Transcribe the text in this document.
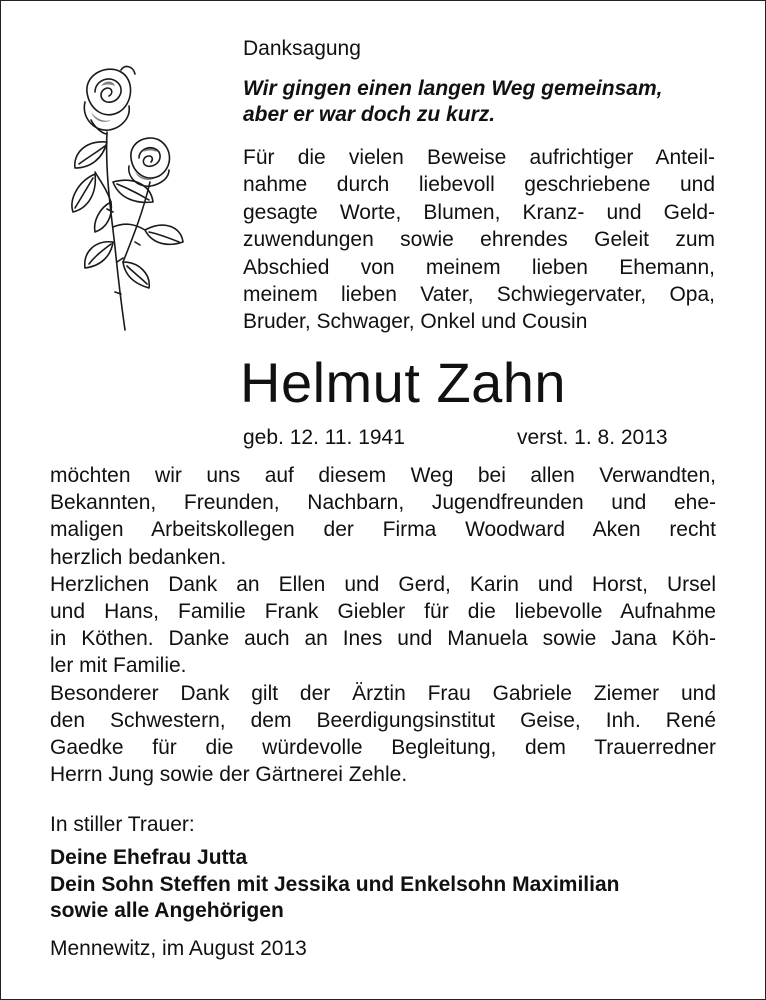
Danksagung
Wir gingen einen langen Weg gemeinsam,
aber er war doch zu kurz.
Für die vielen Beweise aufrichtiger Anteil-
nahme durch liebevoll geschriebene und
gesagte Worte, Blumen, Kranz- und Geld-
zuwendungen sowie ehrendes Geleit zum
Abschied von meinem lieben Ehemann,
meinem lieben Vater, Schwiegervater, Opa,
Bruder, Schwager, Onkel und Cousin
Helmut Zahn
geb. 12. 11. 1941	verst. 1. 8. 2013
möchten wir uns auf diesem Weg bei allen Verwandten,
Bekannten, Freunden, Nachbarn, Jugendfreunden und ehe-
maligen Arbeitskollegen der Firma Woodward Aken recht
herzlich bedanken.
Herzlichen Dank an Ellen und Gerd, Karin und Horst, Ursel
und Hans, Familie Frank Giebler für die liebevolle Aufnahme
in Köthen. Danke auch an Ines und Manuela sowie Jana Köh-
ler mit Familie.
Besonderer Dank gilt der Ärztin Frau Gabriele Ziemer und
den Schwestern, dem Beerdigungsinstitut Geise, Inh. René
Gaedke für die würdevolle Begleitung, dem Trauerredner
Herrn Jung sowie der Gärtnerei Zehle.
In stiller Trauer:
Deine Ehefrau Jutta
Dein Sohn Steffen mit Jessika und Enkelsohn Maximilian
sowie alle Angehörigen
Mennewitz, im August 2013
